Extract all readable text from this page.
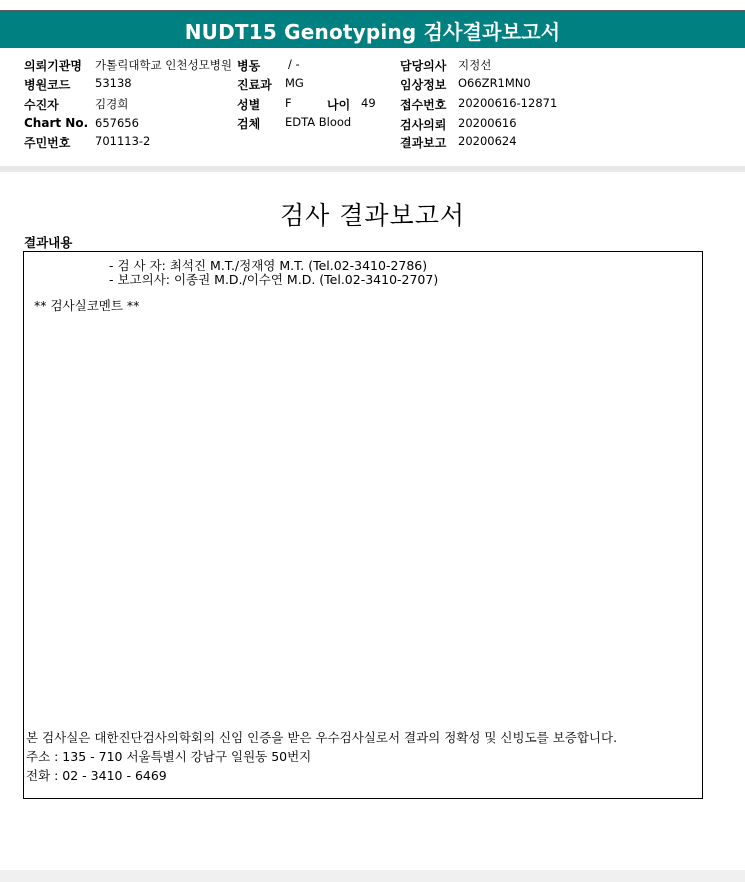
NUDT15 Genotyping 검사결과보고서
의뢰기관명 가톨릭대학교 인천성모병원
병원코드 53138
수진자	김경희
Chart No. 657656
주민번호 701113-2
병동 / -
진료과 MG
성별 F	나이 49
검체 EDTA Blood
담당의사 지정선
임상정보 O66ZR1MN0
접수번호 20200616-12871
검사의뢰 20200616
결과보고 20200624
검사 결과보고서
결과내용
- 검 사 자: 최석진 M.T./정재영 M.T. (Tel.02-3410-2786)
- 보고의사: 이종권 M.D./이수연 M.D. (Tel.02-3410-2707)
** 검사실코멘트 **
본 검사실은 대한진단검사의학회의 신임 인증을 받은 우수검사실로서 결과의 정확성 및 신빙도를 보증합니다.
주소 : 135 - 710 서울특별시 강남구 일원동 50번지
전화 : 02 - 3410 - 6469
